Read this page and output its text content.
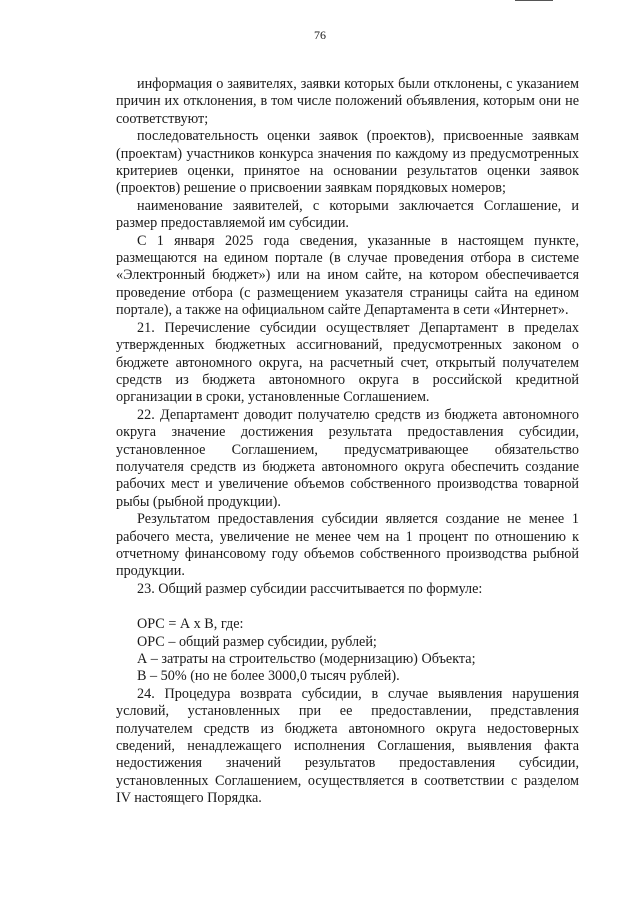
76

информация о заявителях, заявки которых были отклонены, с указанием причин их отклонения, в том числе положений объявления, которым они не соответствуют;

последовательность оценки заявок (проектов), присвоенные заявкам (проектам) участников конкурса значения по каждому из предусмотренных критериев оценки, принятое на основании результатов оценки заявок (проектов) решение о присвоении заявкам порядковых номеров;

наименование заявителей, с которыми заключается Соглашение, и размер предоставляемой им субсидии.

С 1 января 2025 года сведения, указанные в настоящем пункте, размещаются на едином портале (в случае проведения отбора в системе «Электронный бюджет») или на ином сайте, на котором обеспечивается проведение отбора (с размещением указателя страницы сайта на едином портале), а также на официальном сайте Департамента в сети «Интернет».

21. Перечисление субсидии осуществляет Департамент в пределах утвержденных бюджетных ассигнований, предусмотренных законом о бюджете автономного округа, на расчетный счет, открытый получателем средств из бюджета автономного округа в российской кредитной организации в сроки, установленные Соглашением.

22. Департамент доводит получателю средств из бюджета автономного округа значение достижения результата предоставления субсидии, установленное Соглашением, предусматривающее обязательство получателя средств из бюджета автономного округа обеспечить создание рабочих мест и увеличение объемов собственного производства товарной рыбы (рыбной продукции).

Результатом предоставления субсидии является создание не менее 1 рабочего места, увеличение не менее чем на 1 процент по отношению к отчетному финансовому году объемов собственного производства рыбной продукции.

23. Общий размер субсидии рассчитывается по формуле:

ОРС = А х В, где:

ОРС – общий размер субсидии, рублей;

А – затраты на строительство (модернизацию) Объекта;

В – 50% (но не более 3000,0 тысяч рублей).

24. Процедура возврата субсидии, в случае выявления нарушения условий, установленных при ее предоставлении, представления получателем средств из бюджета автономного округа недостоверных сведений, ненадлежащего исполнения Соглашения, выявления факта недостижения значений результатов предоставления субсидии, установленных Соглашением, осуществляется в соответствии с разделом IV настоящего Порядка.
